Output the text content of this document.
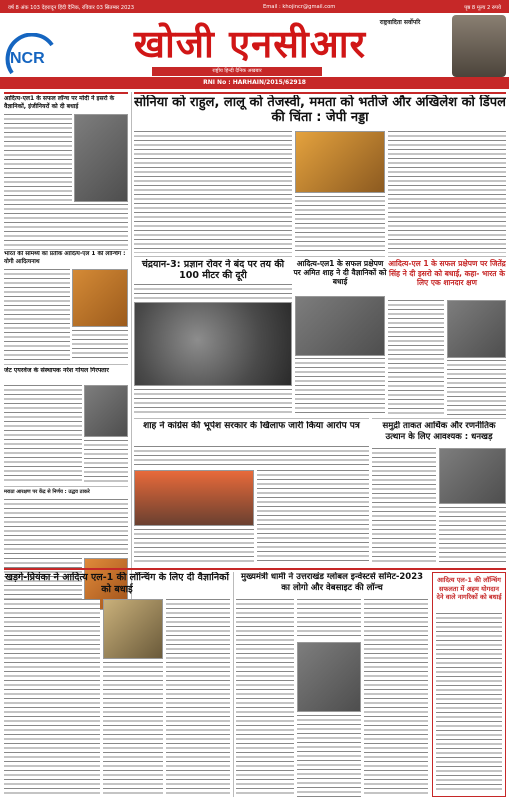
वर्ष 8 अंक 103 देहरादून हिंदी दैनिक, रविवार 03 सितम्बर 2023	Email : khojincr@gmail.com	पृष्ठ 8 मूल्य 2 रुपये
NCR	खोजी एनसीआर
राष्ट्रीय हिन्दी दैनिक अखबार
राष्ट्रवादिता सर्वोपरि
RNI No : HARHAIN/2015/62918
आदित्य-एल1 के सफल लॉन्च पर मोदी ने इसरो के वैज्ञानिकों, इंजीनियरों को दी बधाई
भारत की सामर्थ्य का प्रतीक आदित्य-एल 1 की लॉन्चिंग : योगी आदित्यनाथ
जेट एयरवेज के संस्थापक नरेश गोयल गिरफ्तार
मराठा आरक्षण पर केंद्र से निर्णय : उद्धव ठाकरे
सोनिया को राहुल, लालू को तेजस्वी, ममता को भतीजे और अखिलेश को डिंपल की चिंता : जेपी नड्डा
चंद्रयान-3: प्रज्ञान रोवर ने बंद पर तय की 100 मीटर की दूरी
आदित्य-एल1 के सफल प्रक्षेपण पर अमित शाह ने दी वैज्ञानिकों को बधाई
आदित्य-एल 1 के सफल प्रक्षेपण पर जितेंद्र सिंह ने दी इसरो को बधाई, कहा- भारत के लिए एक शानदार क्षण
शाह ने कांग्रेस की भूपेश सरकार के खिलाफ जारी किया आरोप पत्र	समुद्री ताकत आर्थिक और रणनीतिक उत्थान के लिए आवश्यक : धनखड़
खड़गे-प्रियंका ने आदित्य एल-1 की लॉन्चिंग के लिए दी वैज्ञानिकों को बधाई
मुख्यमंत्री धामी ने उत्तराखंड ग्लोबल इन्वेस्टर्स समिट-2023 का लोगो और वेबसाइट की लॉन्च
आदित्य एल-1 की लॉन्चिंग सफलता में अहम योगदान देने वाले नागरिकों को बधाई
